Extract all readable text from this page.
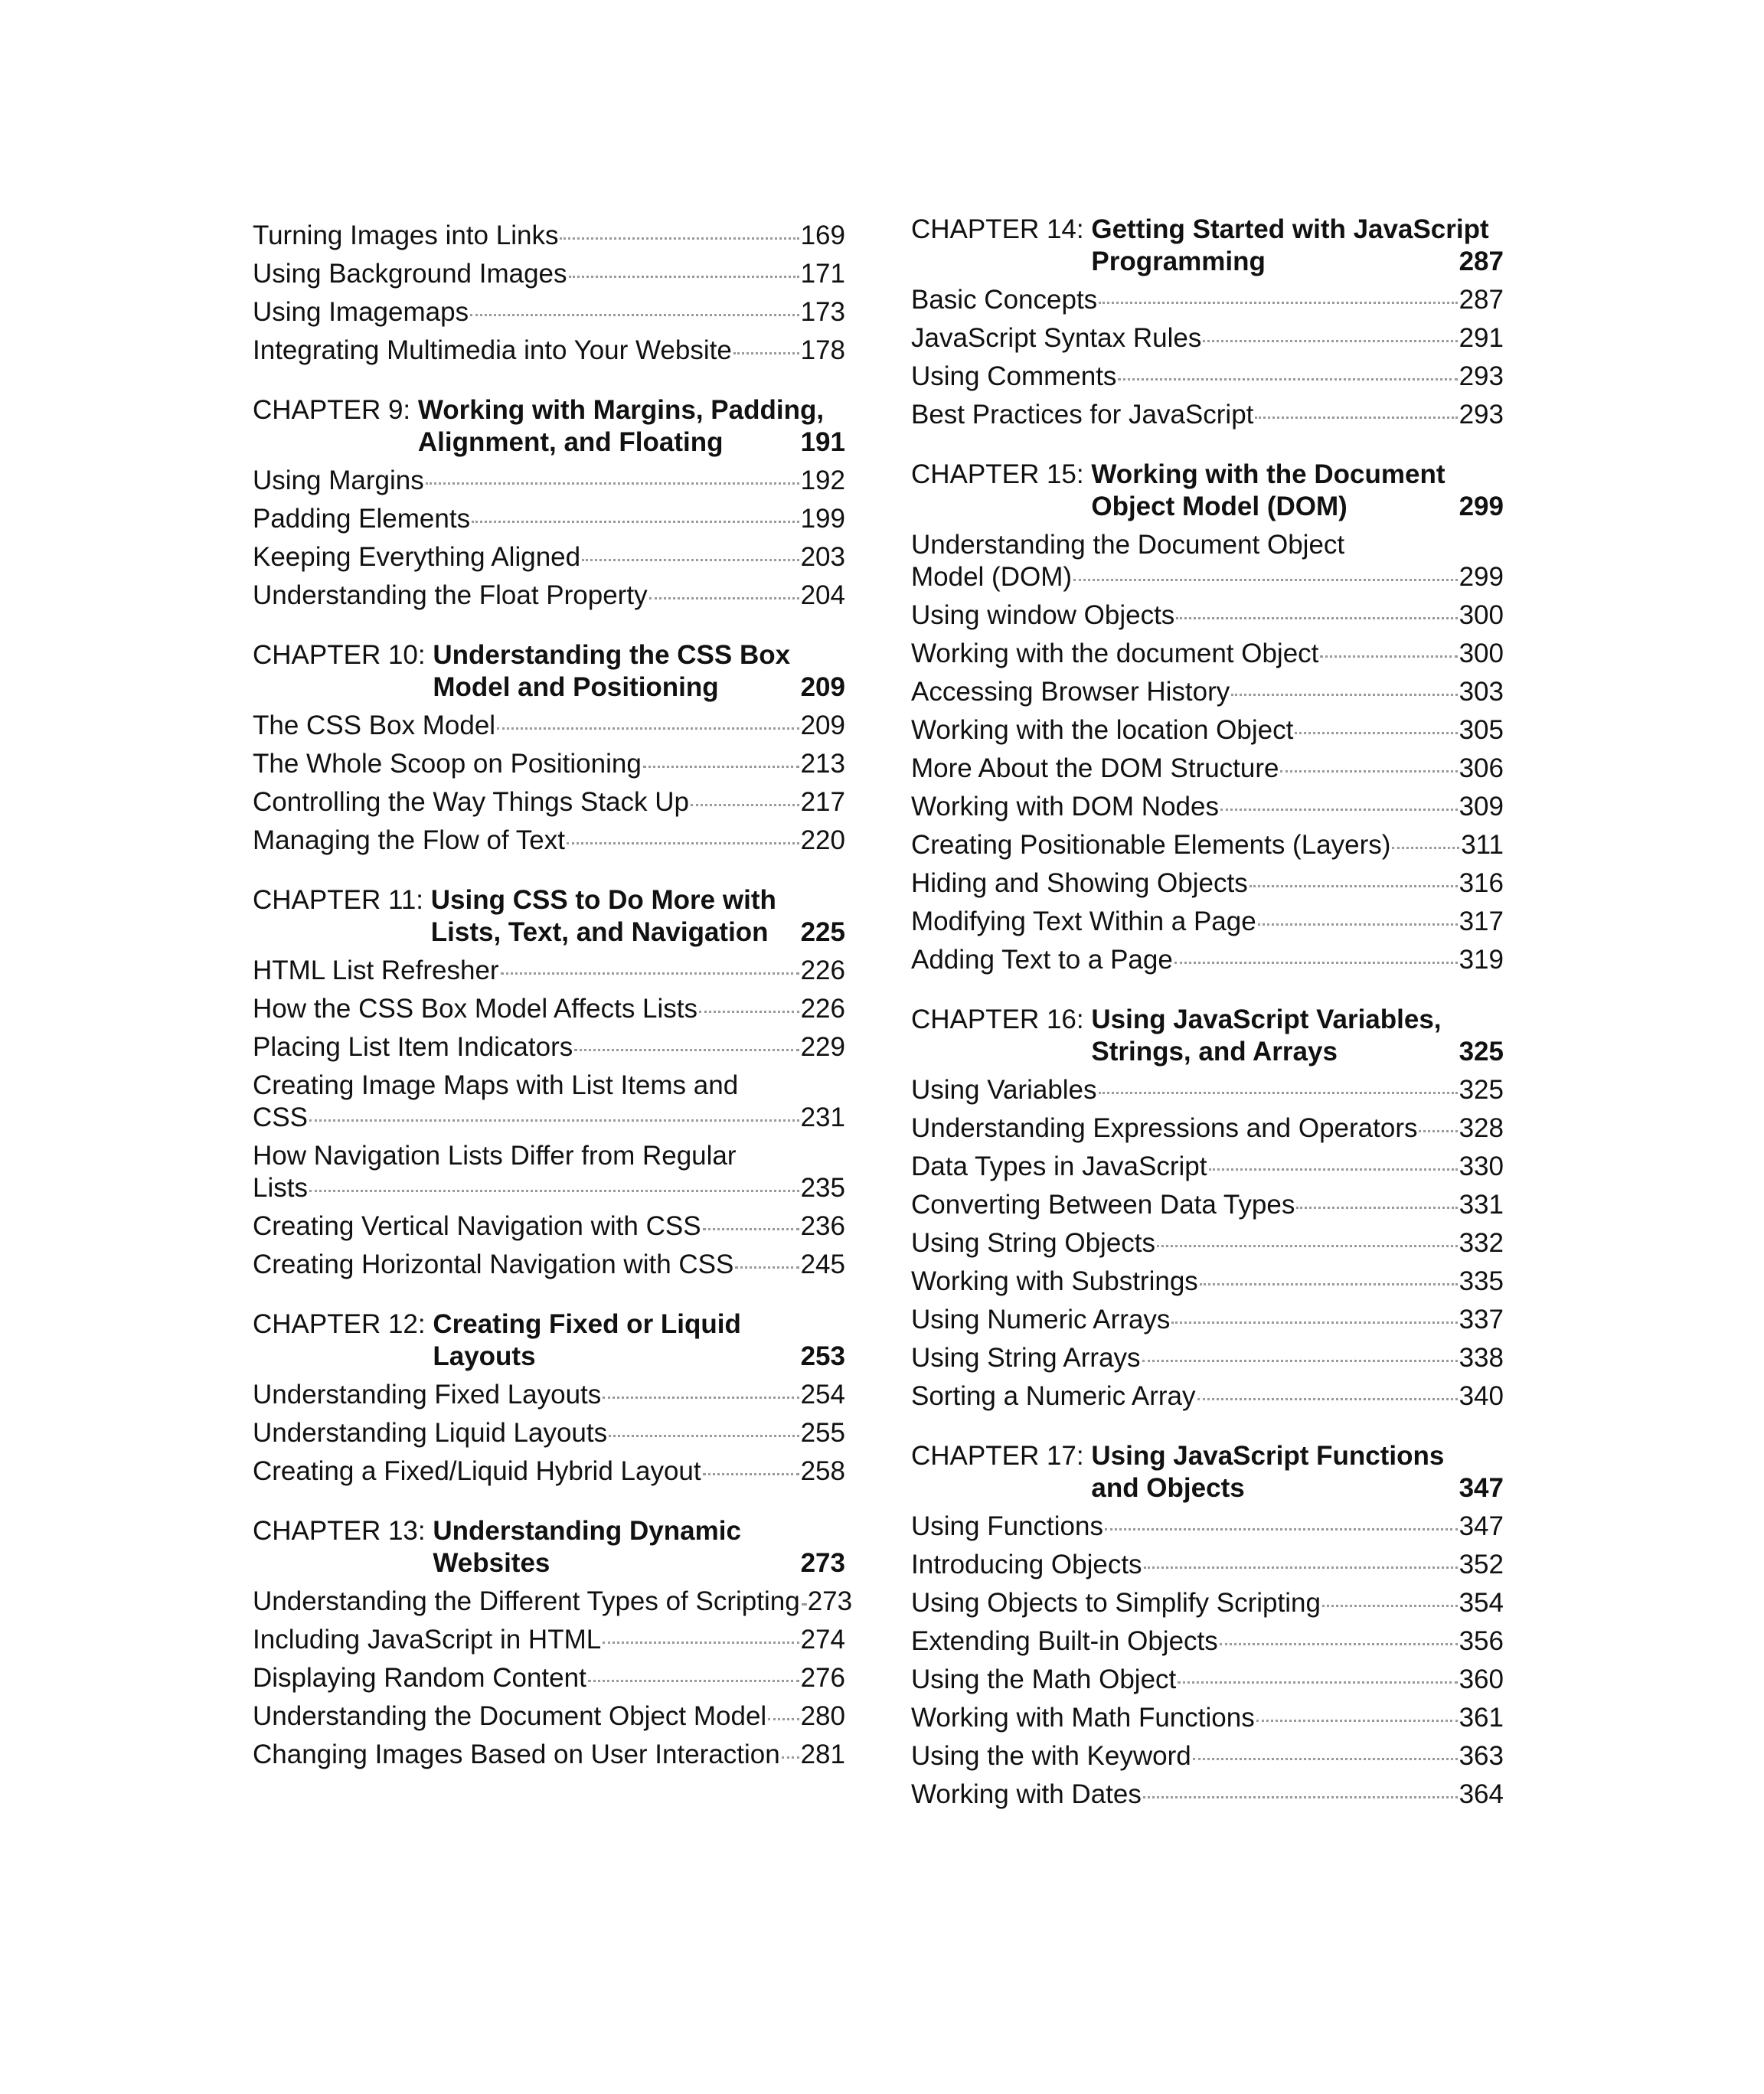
Turning Images into Links	169
Using Background Images	171
Using Imagemaps	173
Integrating Multimedia into Your Website	178
CHAPTER 9: Working with Margins, Padding,
Alignment, and Floating	191
Using Margins	192
Padding Elements	199
Keeping Everything Aligned	203
Understanding the Float Property	204
CHAPTER 10: Understanding the CSS Box
Model and Positioning	209
The CSS Box Model	209
The Whole Scoop on Positioning	213
Controlling the Way Things Stack Up	217
Managing the Flow of Text	220
CHAPTER 11: Using CSS to Do More with
Lists, Text, and Navigation 225
HTML List Refresher	226
How the CSS Box Model Affects Lists	226
Placing List Item Indicators	229
Creating Image Maps with List Items and
CSS	231
How Navigation Lists Differ from Regular
Lists	235
Creating Vertical Navigation with CSS	236
Creating Horizontal Navigation with CSS 245
CHAPTER 12: Creating Fixed or Liquid
Layouts	253
Understanding Fixed Layouts	254
Understanding Liquid Layouts	255
Creating a Fixed/Liquid Hybrid Layout	258
CHAPTER 13: Understanding Dynamic
Websites	273
Understanding the Different Types of Scripting 273
Including JavaScript in HTML	274
Displaying Random Content	276
Understanding the Document Object Model 280
Changing Images Based on User Interaction 281
CHAPTER 14: Getting Started with JavaScript
Programming	287
Basic Concepts	287
JavaScript Syntax Rules	291
Using Comments	293
Best Practices for JavaScript	293
CHAPTER 15: Working with the Document
Object Model (DOM)	299
Understanding the Document Object
Model (DOM)	299
Using window Objects	300
Working with the document Object	300
Accessing Browser History	303
Working with the location Object	305
More About the DOM Structure	306
Working with DOM Nodes	309
Creating Positionable Elements (Layers)	311
Hiding and Showing Objects	316
Modifying Text Within a Page	317
Adding Text to a Page	319
CHAPTER 16: Using JavaScript Variables,
Strings, and Arrays	325
Using Variables	325
Understanding Expressions and Operators 328
Data Types in JavaScript	330
Converting Between Data Types	331
Using String Objects	332
Working with Substrings	335
Using Numeric Arrays	337
Using String Arrays	338
Sorting a Numeric Array	340
CHAPTER 17: Using JavaScript Functions
and Objects	347
Using Functions	347
Introducing Objects	352
Using Objects to Simplify Scripting	354
Extending Built-in Objects	356
Using the Math Object	360
Working with Math Functions	361
Using the with Keyword	363
Working with Dates	364
